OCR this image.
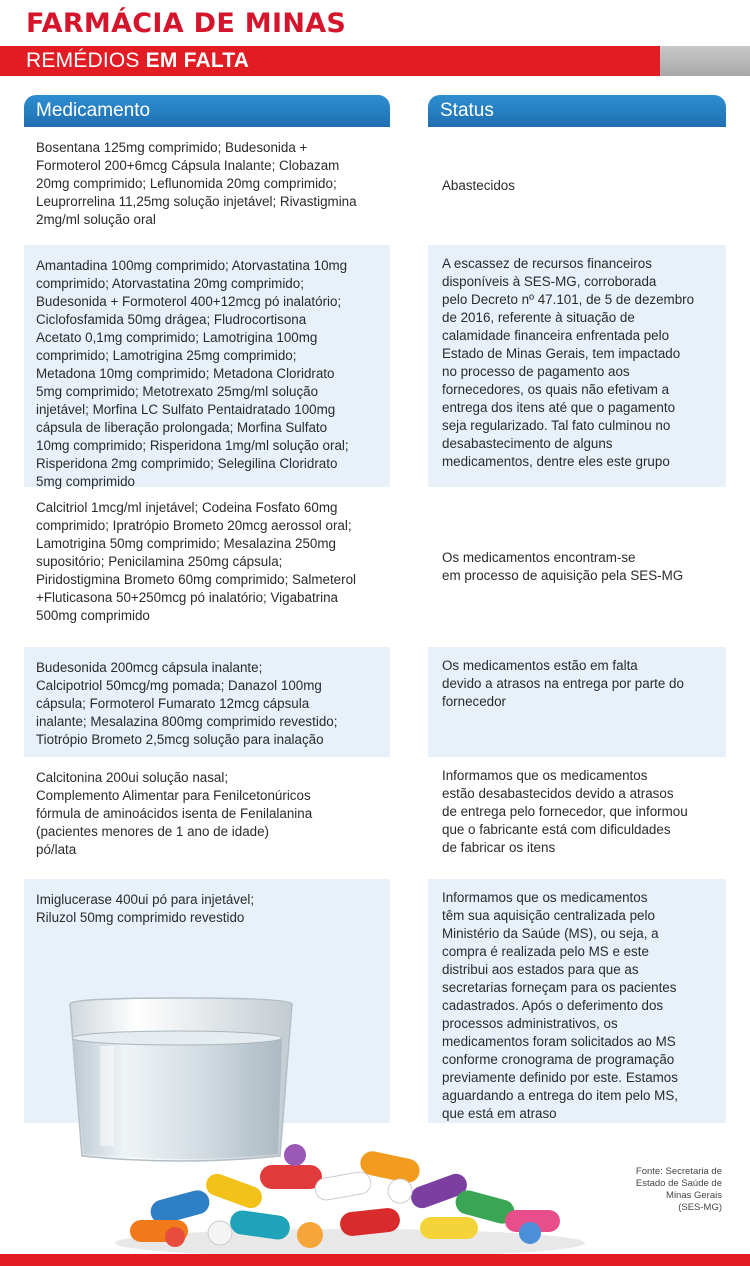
FARMÁCIA DE MINAS
REMÉDIOS EM FALTA
Medicamento	Status
Bosentana 125mg comprimido; Budesonida +
Formoterol 200+6mcg Cápsula Inalante; Clobazam
20mg comprimido; Leflunomida 20mg comprimido;
Leuprorrelina 11,25mg solução injetável; Rivastigmina
2mg/ml solução oral
Abastecidos
Amantadina 100mg comprimido; Atorvastatina 10mg
comprimido; Atorvastatina 20mg comprimido;
Budesonida + Formoterol 400+12mcg pó inalatório;
Ciclofosfamida 50mg drágea; Fludrocortisona
Acetato 0,1mg comprimido; Lamotrigina 100mg
comprimido; Lamotrigina 25mg comprimido;
Metadona 10mg comprimido; Metadona Cloridrato
5mg comprimido; Metotrexato 25mg/ml solução
injetável; Morfina LC Sulfato Pentaidratado 100mg
cápsula de liberação prolongada; Morfina Sulfato
10mg comprimido; Risperidona 1mg/ml solução oral;
Risperidona 2mg comprimido; Selegilina Cloridrato
5mg comprimido
A escassez de recursos financeiros
disponíveis à SES-MG, corroborada
pelo Decreto nº 47.101, de 5 de dezembro
de 2016, referente à situação de
calamidade financeira enfrentada pelo
Estado de Minas Gerais, tem impactado
no processo de pagamento aos
fornecedores, os quais não efetivam a
entrega dos itens até que o pagamento
seja regularizado. Tal fato culminou no
desabastecimento de alguns
medicamentos, dentre eles este grupo
Calcitriol 1mcg/ml injetável; Codeina Fosfato 60mg
comprimido; Ipratrópio Brometo 20mcg aerossol oral;
Lamotrigina 50mg comprimido; Mesalazina 250mg
supositório; Penicilamina 250mg cápsula;
Piridostigmina Brometo 60mg comprimido; Salmeterol
+Fluticasona 50+250mcg pó inalatório; Vigabatrina
500mg comprimido
Os medicamentos encontram-se
em processo de aquisição pela SES-MG
Budesonida 200mcg cápsula inalante;
Calcipotriol 50mcg/mg pomada; Danazol 100mg
cápsula; Formoterol Fumarato 12mcg cápsula
inalante; Mesalazina 800mg comprimido revestido;
Tiotrópio Brometo 2,5mcg solução para inalação
Os medicamentos estão em falta
devido a atrasos na entrega por parte do
fornecedor
Calcitonina 200ui solução nasal;
Complemento Alimentar para Fenilcetonúricos
fórmula de aminoácidos isenta de Fenilalanina
(pacientes menores de 1 ano de idade)
pó/lata
Informamos que os medicamentos
estão desabastecidos devido a atrasos
de entrega pelo fornecedor, que informou
que o fabricante está com dificuldades
de fabricar os itens
Imiglucerase 400ui pó para injetável;
Riluzol 50mg comprimido revestido
Informamos que os medicamentos
têm sua aquisição centralizada pelo
Ministério da Saúde (MS), ou seja, a
compra é realizada pelo MS e este
distribui aos estados para que as
secretarias forneçam para os pacientes
cadastrados. Após o deferimento dos
processos administrativos, os
medicamentos foram solicitados ao MS
conforme cronograma de programação
previamente definido por este. Estamos
aguardando a entrega do item pelo MS,
que está em atraso
Fonte: Secretaria de
Estado de Saúde de
Minas Gerais
(SES-MG)
